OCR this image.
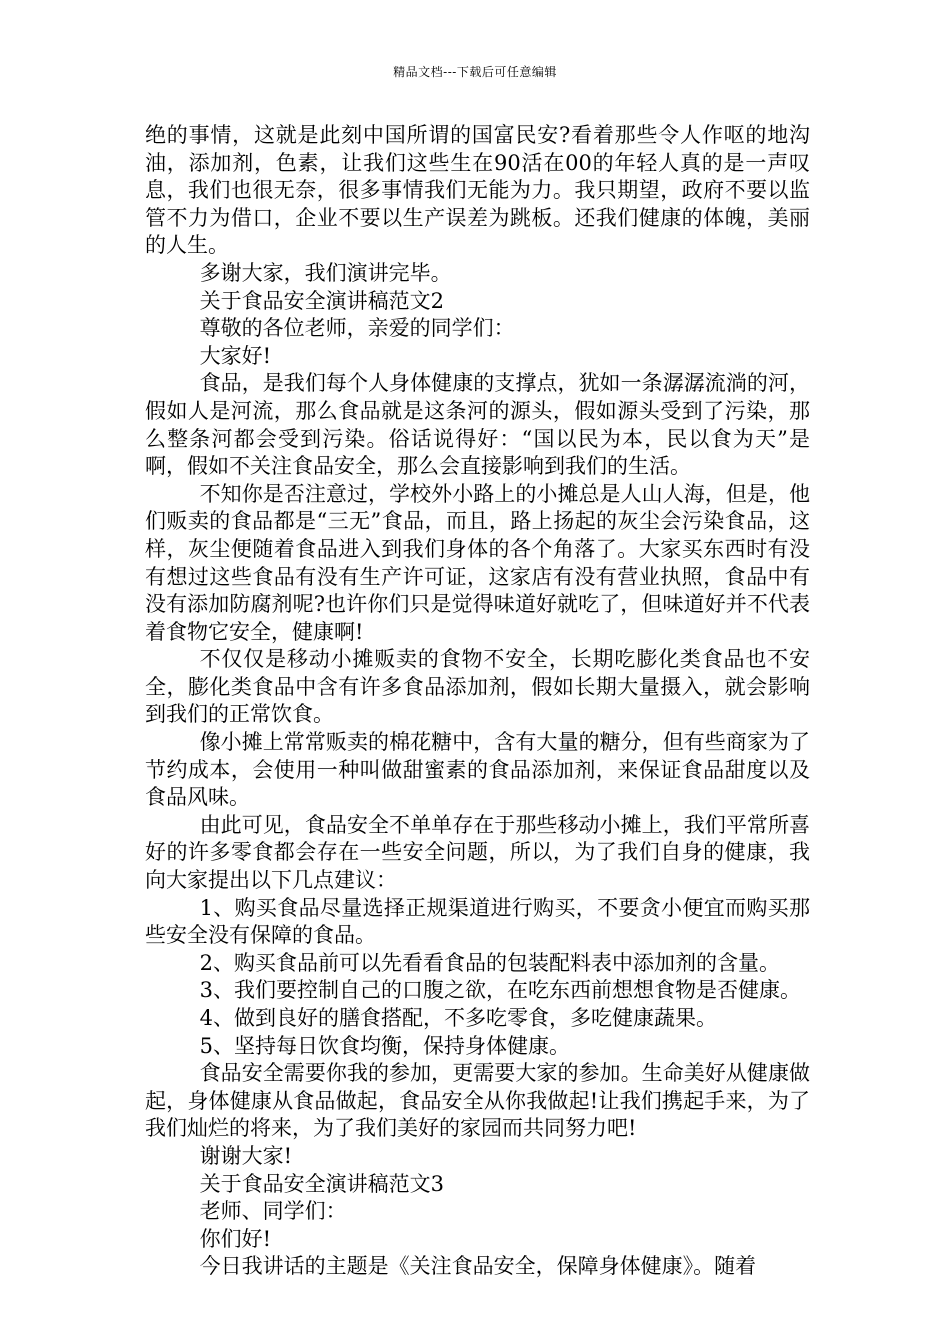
精品文档---下载后可任意编辑

绝的事情，这就是此刻中国所谓的国富民安?看着那些令人作呕的地沟油，添加剂，色素，让我们这些生在90活在00的年轻人真的是一声叹息，我们也很无奈，很多事情我们无能为力。我只期望，政府不要以监管不力为借口，企业不要以生产误差为跳板。还我们健康的体魄，美丽的人生。

多谢大家，我们演讲完毕。

关于食品安全演讲稿范文2

尊敬的各位老师，亲爱的同学们：

大家好!

食品，是我们每个人身体健康的支撑点，犹如一条潺潺流淌的河，假如人是河流，那么食品就是这条河的源头，假如源头受到了污染，那么整条河都会受到污染。俗话说得好：“国以民为本，民以食为天”是啊，假如不关注食品安全，那么会直接影响到我们的生活。

不知你是否注意过，学校外小路上的小摊总是人山人海，但是，他们贩卖的食品都是“三无”食品，而且，路上扬起的灰尘会污染食品，这样，灰尘便随着食品进入到我们身体的各个角落了。大家买东西时有没有想过这些食品有没有生产许可证，这家店有没有营业执照，食品中有没有添加防腐剂呢?也许你们只是觉得味道好就吃了，但味道好并不代表着食物它安全，健康啊!

不仅仅是移动小摊贩卖的食物不安全，长期吃膨化类食品也不安全，膨化类食品中含有许多食品添加剂，假如长期大量摄入，就会影响到我们的正常饮食。

像小摊上常常贩卖的棉花糖中，含有大量的糖分，但有些商家为了节约成本，会使用一种叫做甜蜜素的食品添加剂，来保证食品甜度以及食品风味。

由此可见，食品安全不单单存在于那些移动小摊上，我们平常所喜好的许多零食都会存在一些安全问题，所以，为了我们自身的健康，我向大家提出以下几点建议：

1、购买食品尽量选择正规渠道进行购买，不要贪小便宜而购买那些安全没有保障的食品。

2、购买食品前可以先看看食品的包装配料表中添加剂的含量。

3、我们要控制自己的口腹之欲，在吃东西前想想食物是否健康。

4、做到良好的膳食搭配，不多吃零食，多吃健康蔬果。

5、坚持每日饮食均衡，保持身体健康。

食品安全需要你我的参加，更需要大家的参加。生命美好从健康做起，身体健康从食品做起，食品安全从你我做起!让我们携起手来，为了我们灿烂的将来，为了我们美好的家园而共同努力吧!

谢谢大家!

关于食品安全演讲稿范文3

老师、同学们：

你们好!

今日我讲话的主题是《关注食品安全，保障身体健康》。随着
